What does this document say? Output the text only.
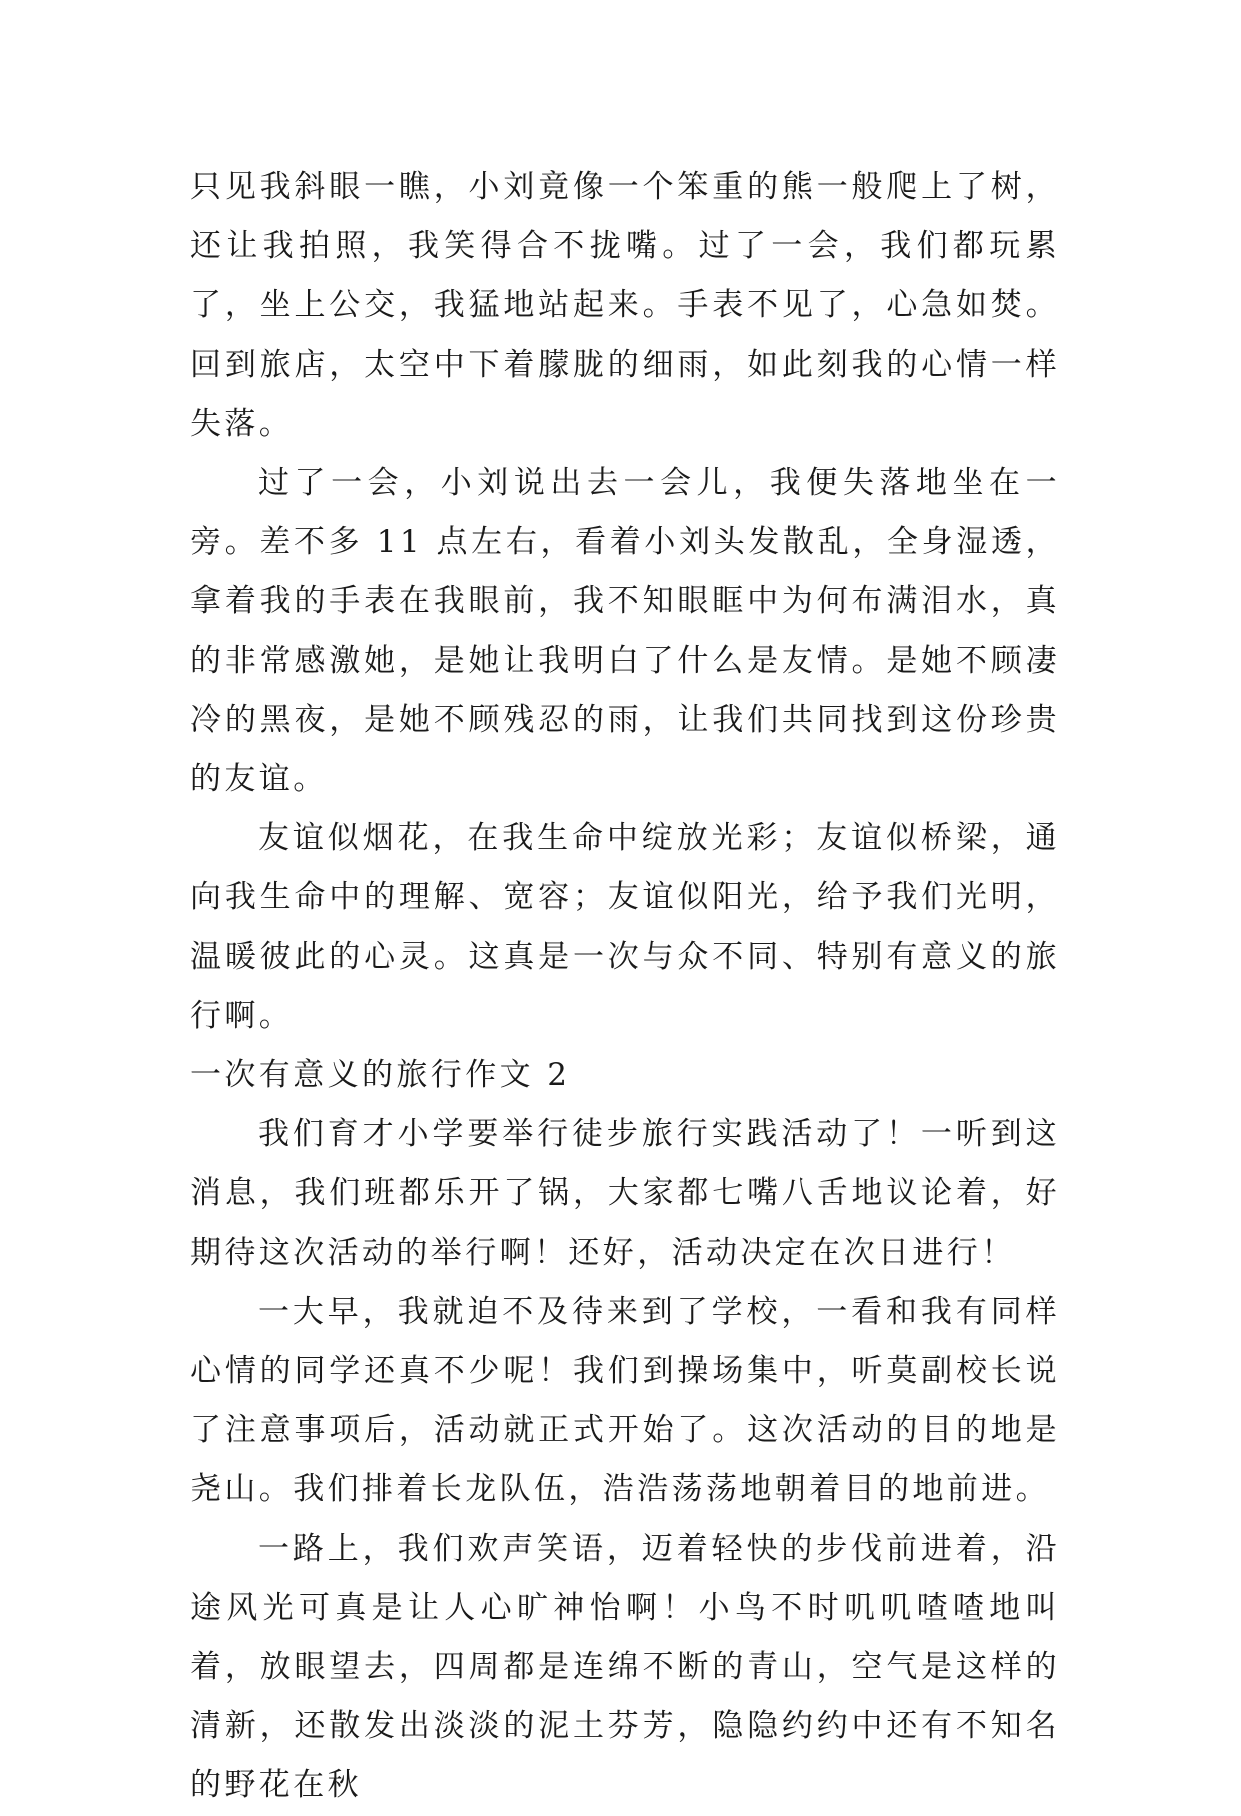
只见我斜眼一瞧，小刘竟像一个笨重的熊一般爬上了树，还让我拍照，我笑得合不拢嘴。过了一会，我们都玩累了，坐上公交，我猛地站起来。手表不见了，心急如焚。回到旅店，太空中下着朦胧的细雨，如此刻我的心情一样失落。

过了一会，小刘说出去一会儿，我便失落地坐在一旁。差不多 11 点左右，看着小刘头发散乱，全身湿透，拿着我的手表在我眼前，我不知眼眶中为何布满泪水，真的非常感激她，是她让我明白了什么是友情。是她不顾凄冷的黑夜，是她不顾残忍的雨，让我们共同找到这份珍贵的友谊。

友谊似烟花，在我生命中绽放光彩；友谊似桥梁，通向我生命中的理解、宽容；友谊似阳光，给予我们光明，温暖彼此的心灵。这真是一次与众不同、特别有意义的旅行啊。

一次有意义的旅行作文 2

我们育才小学要举行徒步旅行实践活动了！一听到这消息，我们班都乐开了锅，大家都七嘴八舌地议论着，好期待这次活动的举行啊！还好，活动决定在次日进行！

一大早，我就迫不及待来到了学校，一看和我有同样心情的同学还真不少呢！我们到操场集中，听莫副校长说了注意事项后，活动就正式开始了。这次活动的目的地是尧山。我们排着长龙队伍，浩浩荡荡地朝着目的地前进。

一路上，我们欢声笑语，迈着轻快的步伐前进着，沿途风光可真是让人心旷神怡啊！小鸟不时叽叽喳喳地叫着，放眼望去，四周都是连绵不断的青山，空气是这样的清新，还散发出淡淡的泥土芬芳，隐隐约约中还有不知名的野花在秋
